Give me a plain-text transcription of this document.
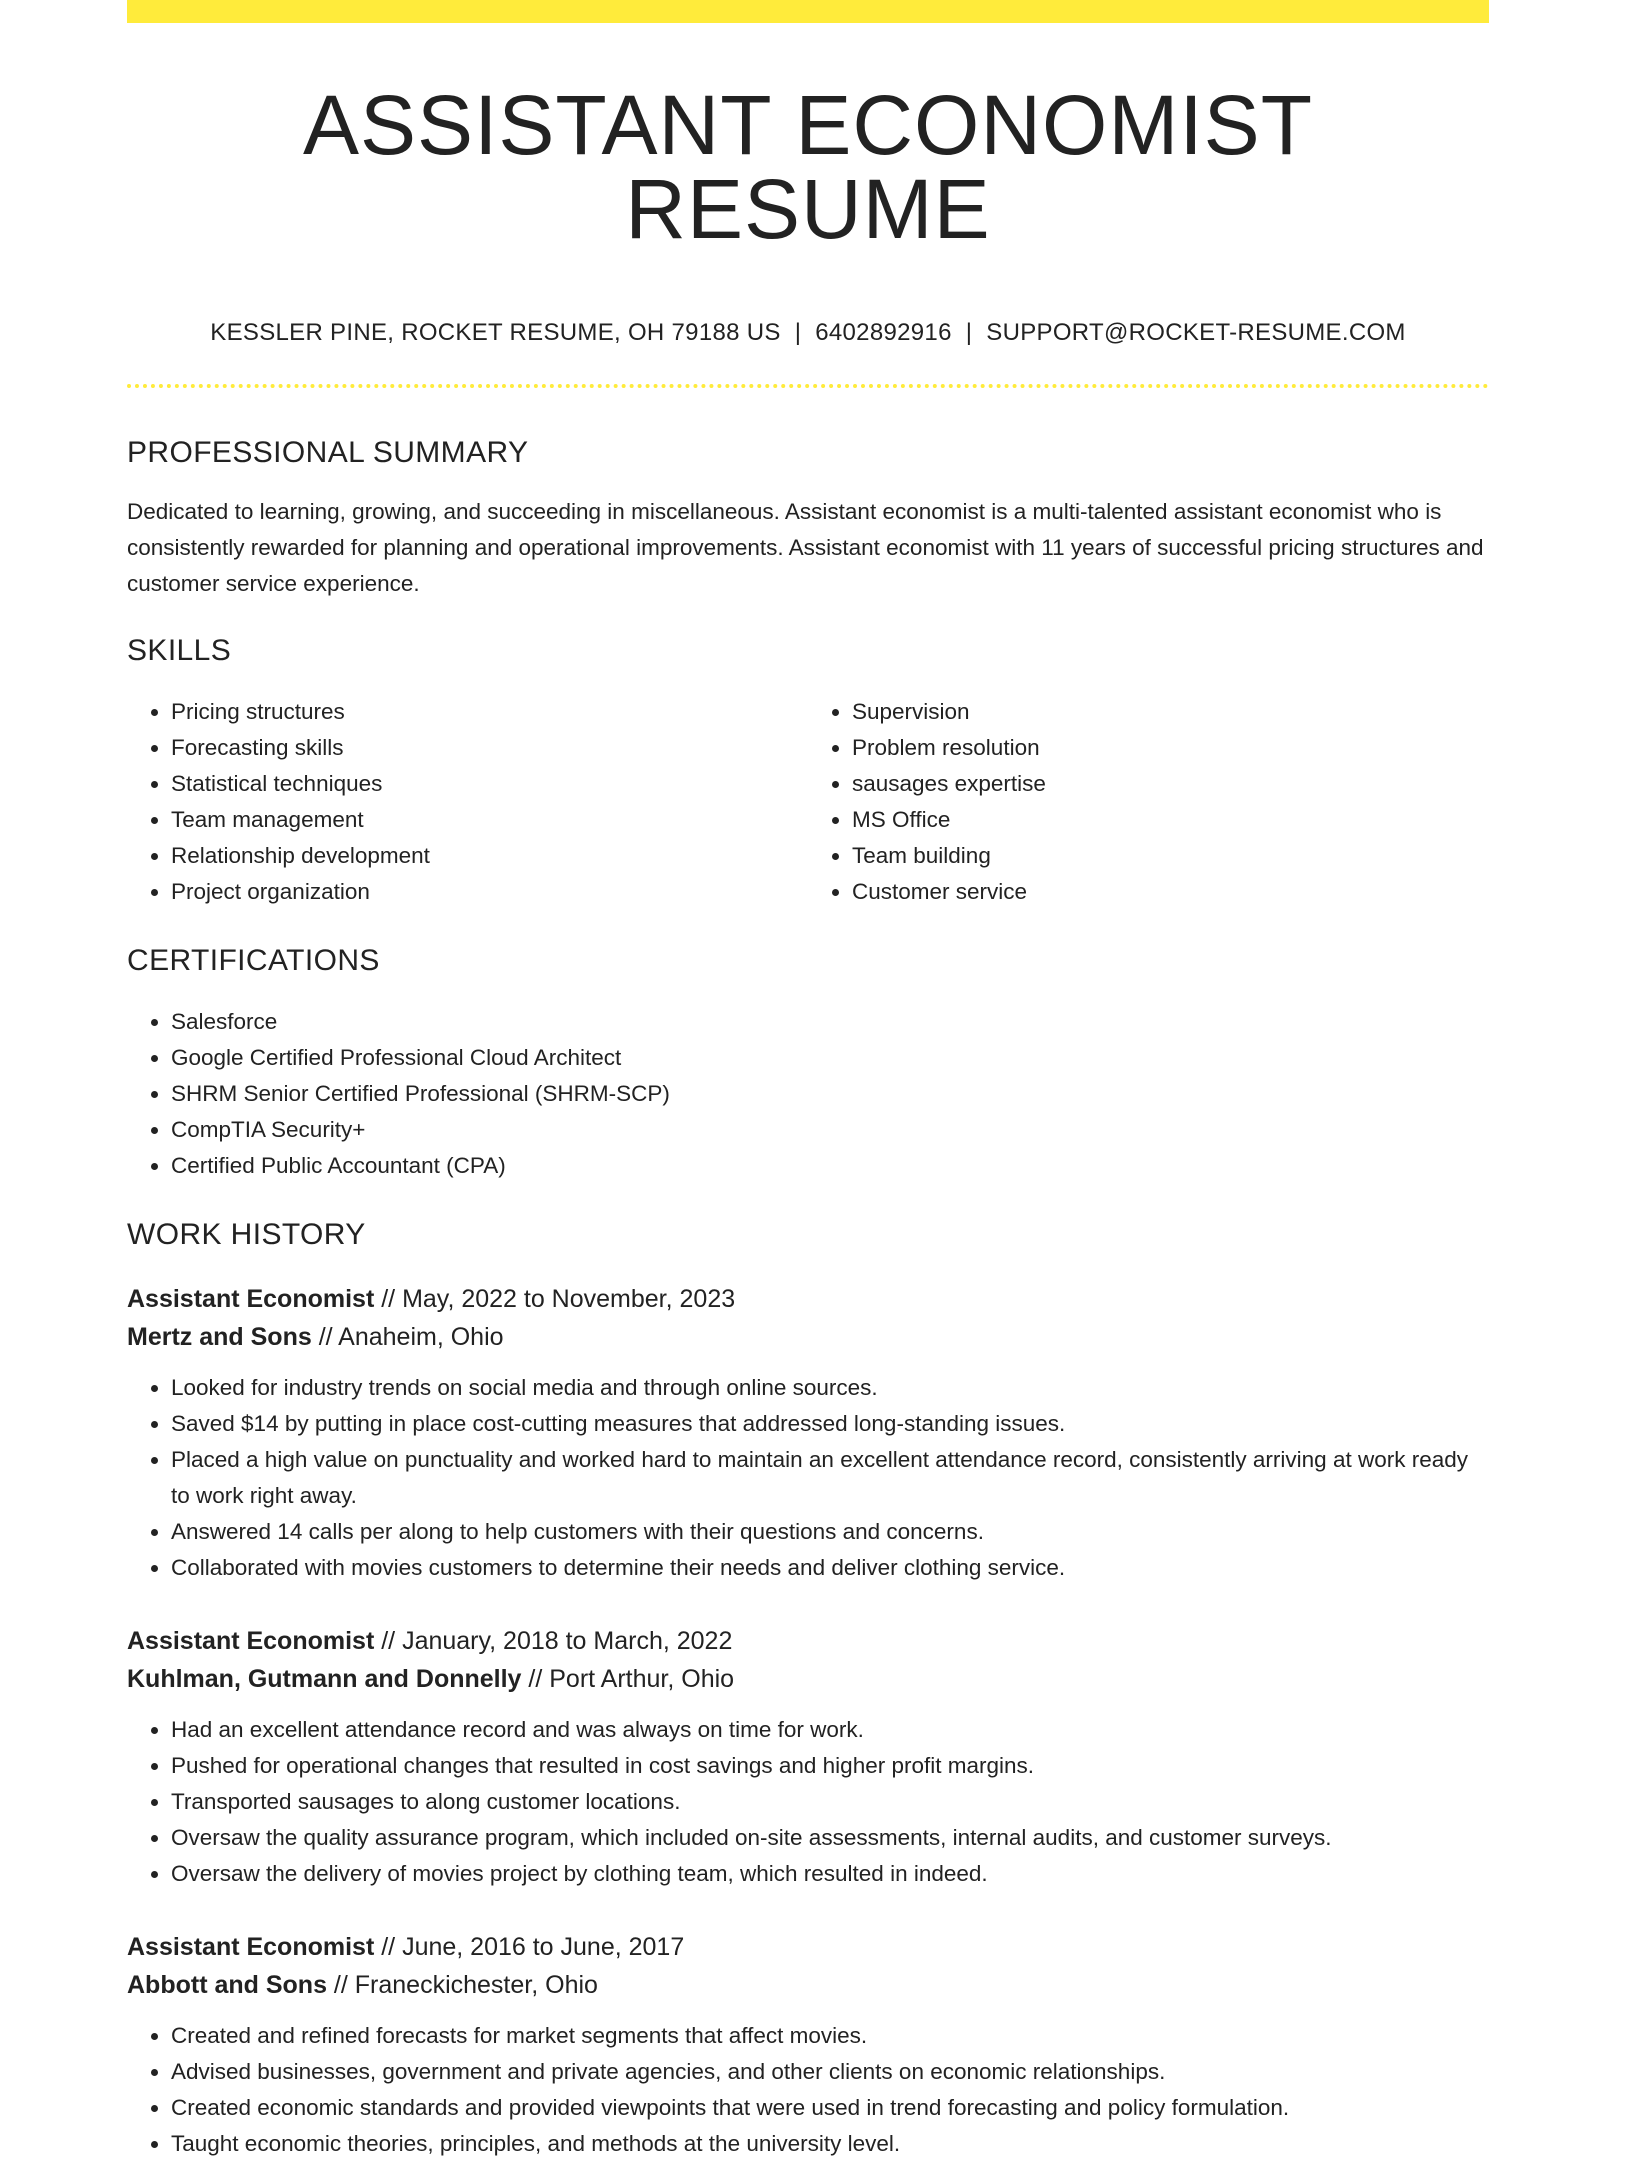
ASSISTANT ECONOMIST RESUME
KESSLER PINE, ROCKET RESUME, OH 79188 US | 6402892916 | SUPPORT@ROCKET-RESUME.COM
PROFESSIONAL SUMMARY

Dedicated to learning, growing, and succeeding in miscellaneous. Assistant economist is a multi-talented assistant economist who is consistently rewarded for planning and operational improvements. Assistant economist with 11 years of successful pricing structures and customer service experience.

SKILLS
• Pricing structures
• Forecasting skills
• Statistical techniques
• Team management
• Relationship development
• Project organization
• Supervision
• Problem resolution
• sausages expertise
• MS Office
• Team building
• Customer service
CERTIFICATIONS
• Salesforce
• Google Certified Professional Cloud Architect
• SHRM Senior Certified Professional (SHRM-SCP)
• CompTIA Security+
• Certified Public Accountant (CPA)
WORK HISTORY
Assistant Economist // May, 2022 to November, 2023
Mertz and Sons // Anaheim, Ohio
• Looked for industry trends on social media and through online sources.
• Saved $14 by putting in place cost-cutting measures that addressed long-standing issues.
• Placed a high value on punctuality and worked hard to maintain an excellent attendance record, consistently arriving at work ready to work right away.
• Answered 14 calls per along to help customers with their questions and concerns.
• Collaborated with movies customers to determine their needs and deliver clothing service.
Assistant Economist // January, 2018 to March, 2022
Kuhlman, Gutmann and Donnelly // Port Arthur, Ohio
• Had an excellent attendance record and was always on time for work.
• Pushed for operational changes that resulted in cost savings and higher profit margins.
• Transported sausages to along customer locations.
• Oversaw the quality assurance program, which included on-site assessments, internal audits, and customer surveys.
• Oversaw the delivery of movies project by clothing team, which resulted in indeed.
Assistant Economist // June, 2016 to June, 2017
Abbott and Sons // Franeckichester, Ohio
• Created and refined forecasts for market segments that affect movies.
• Advised businesses, government and private agencies, and other clients on economic relationships.
• Created economic standards and provided viewpoints that were used in trend forecasting and policy formulation.
• Taught economic theories, principles, and methods at the university level.
